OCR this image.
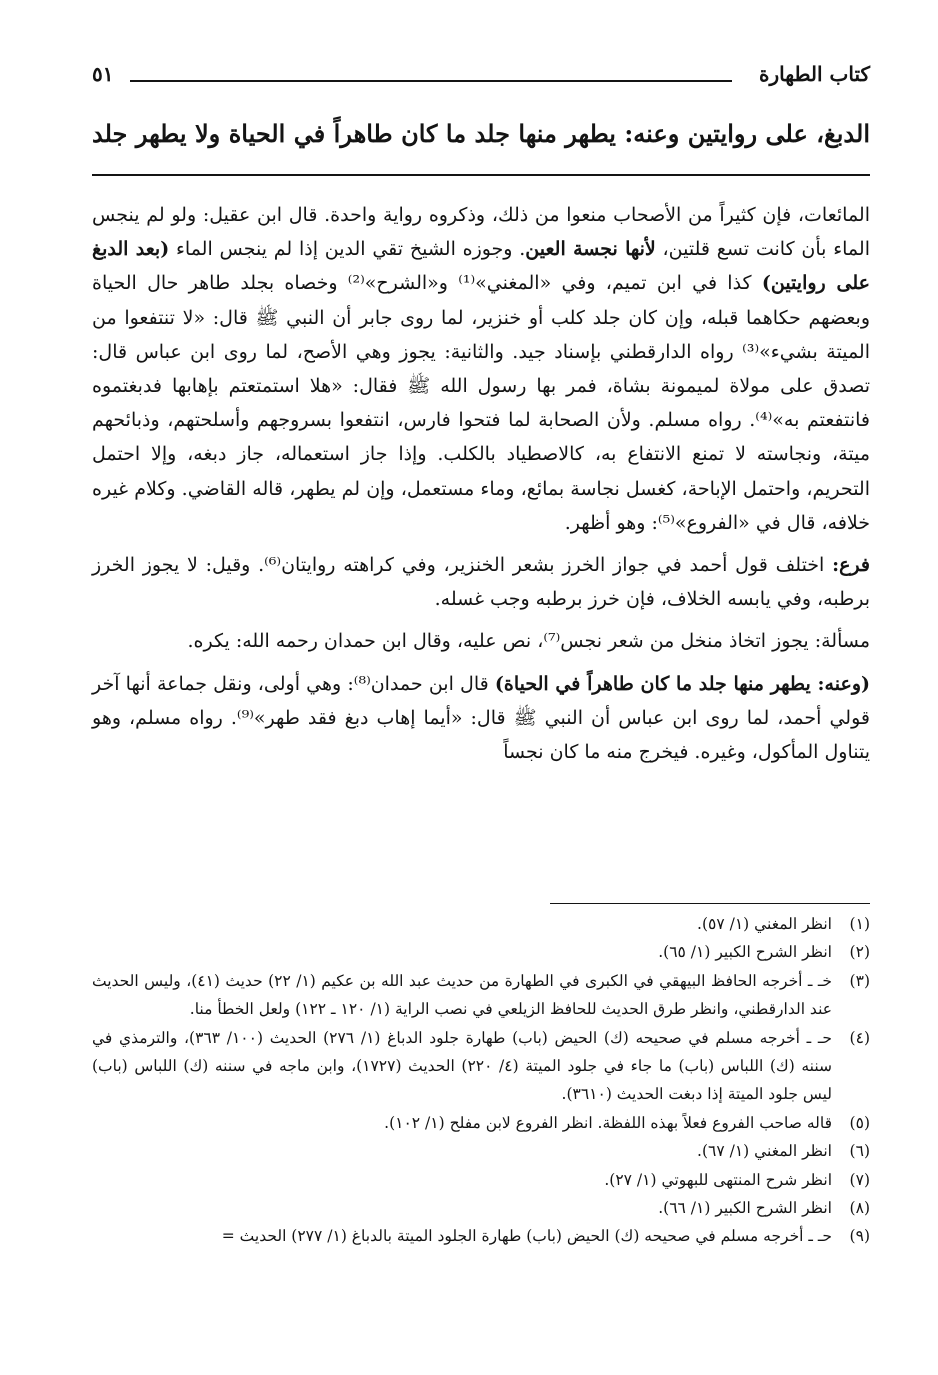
كتاب الطهارة
٥١
الدبغ، على روايتين وعنه: يطهر منها جلد ما كان طاهراً في الحياة ولا يطهر جلد

المائعات، فإن كثيراً من الأصحاب منعوا من ذلك، وذكروه رواية واحدة. قال ابن عقيل: ولو لم ينجس الماء بأن كانت تسع قلتين، لأنها نجسة العين. وجوزه الشيخ تقي الدين إذا لم ينجس الماء (بعد الدبغ على روايتين) كذا في ابن تميم، وفي «المغني»⁽¹⁾ و«الشرح»⁽²⁾ وخصاه بجلد طاهر حال الحياة وبعضهم حكاهما قبله، وإن كان جلد كلب أو خنزير، لما روى جابر أن النبي ﷺ قال: «لا تنتفعوا من الميتة بشيء»⁽³⁾ رواه الدارقطني بإسناد جيد. والثانية: يجوز وهي الأصح، لما روى ابن عباس قال: تصدق على مولاة لميمونة بشاة، فمر بها رسول الله ﷺ فقال: «هلا استمتعتم بإهابها فدبغتموه فانتفعتم به»⁽⁴⁾. رواه مسلم. ولأن الصحابة لما فتحوا فارس، انتفعوا بسروجهم وأسلحتهم، وذبائحهم ميتة، ونجاسته لا تمنع الانتفاع به، كالاصطياد بالكلب. وإذا جاز استعماله، جاز دبغه، وإلا احتمل التحريم، واحتمل الإباحة، كغسل نجاسة بمائع، وماء مستعمل، وإن لم يطهر، قاله القاضي. وكلام غيره خلافه، قال في «الفروع»⁽⁵⁾: وهو أظهر.

فرع: اختلف قول أحمد في جواز الخرز بشعر الخنزير، وفي كراهته روايتان⁽⁶⁾. وقيل: لا يجوز الخرز برطبه، وفي يابسه الخلاف، فإن خرز برطبه وجب غسله.

مسألة: يجوز اتخاذ منخل من شعر نجس⁽⁷⁾، نص عليه، وقال ابن حمدان رحمه الله: يكره.

(وعنه: يطهر منها جلد ما كان طاهراً في الحياة) قال ابن حمدان⁽⁸⁾: وهي أولى، ونقل جماعة أنها آخر قولي أحمد، لما روى ابن عباس أن النبي ﷺ قال: «أيما إهاب دبغ فقد طهر»⁽⁹⁾. رواه مسلم، وهو يتناول المأكول، وغيره. فيخرج منه ما كان نجساً

(١)
انظر المغني (١/ ٥٧).
(٢)
انظر الشرح الكبير (١/ ٦٥).
(٣)
خـ ـ أخرجه الحافظ البيهقي في الكبرى في الطهارة من حديث عبد الله بن عكيم (١/ ٢٢) حديث (٤١)، وليس الحديث عند الدارقطني، وانظر طرق الحديث للحافظ الزيلعي في نصب الراية (١/ ١٢٠ ـ ١٢٢) ولعل الخطأ منا.
(٤)
حـ ـ أخرجه مسلم في صحيحه (ك) الحيض (باب) طهارة جلود الدباغ (١/ ٢٧٦) الحديث (١٠٠/ ٣٦٣)، والترمذي في سننه (ك) اللباس (باب) ما جاء في جلود الميتة (٤/ ٢٢٠) الحديث (١٧٢٧)، وابن ماجه في سننه (ك) اللباس (باب) ليس جلود الميتة إذا دبغت الحديث (٣٦١٠).
(٥)
قاله صاحب الفروع فعلاً بهذه اللفظة. انظر الفروع لابن مفلح (١/ ١٠٢).
(٦)
انظر المغني (١/ ٦٧).
(٧)
انظر شرح المنتهى للبهوتي (١/ ٢٧).
(٨)
انظر الشرح الكبير (١/ ٦٦).
(٩)
حـ ـ أخرجه مسلم في صحيحه (ك) الحيض (باب) طهارة الجلود الميتة بالدباغ (١/ ٢٧٧) الحديث =
